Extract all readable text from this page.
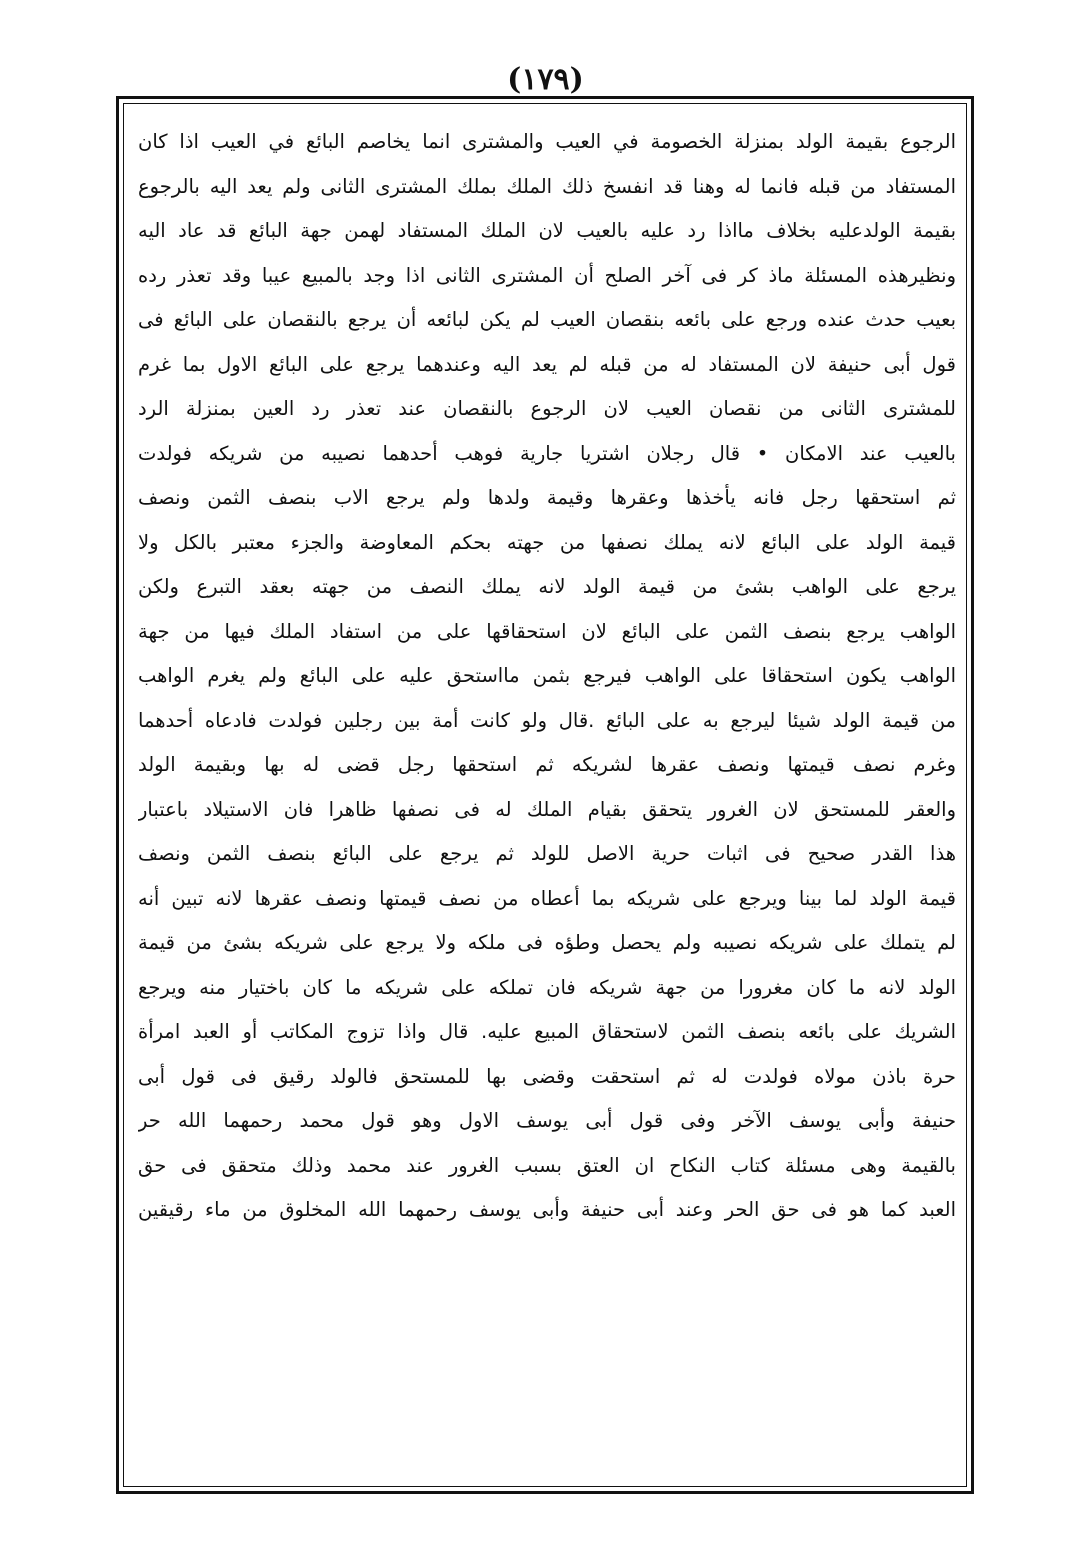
(١٧٩)
الرجوع بقيمة الولد بمنزلة الخصومة في العيب والمشترى انما يخاصم البائع في العيب اذا كان
المستفاد من قبله فانما له وهنا قد انفسخ ذلك الملك بملك المشترى الثانى ولم يعد اليه بالرجوع
بقيمة الولدعليه بخلاف مااذا رد عليه بالعيب لان الملك المستفاد لهمن جهة البائع قد عاد اليه
ونظيرهذه المسئلة ماذ كر فى آخر الصلح أن المشترى الثانى اذا وجد بالمبيع عيبا وقد تعذر رده
بعيب حدث عنده ورجع على بائعه بنقصان العيب لم يكن لبائعه أن يرجع بالنقصان على البائع فى
قول أبى حنيفة لان المستفاد له من قبله لم يعد اليه وعندهما يرجع على البائع الاول بما غرم
للمشترى الثانى من نقصان العيب لان الرجوع بالنقصان عند تعذر رد العين بمنزلة الرد
بالعيب عند الامكان • قال رجلان اشتريا جارية فوهب أحدهما نصيبه من شريكه فولدت
ثم استحقها رجل فانه يأخذها وعقرها وقيمة ولدها ولم يرجع الاب بنصف الثمن ونصف
قيمة الولد على البائع لانه يملك نصفها من جهته بحكم المعاوضة والجزء معتبر بالكل ولا
يرجع على الواهب بشئ من قيمة الولد لانه يملك النصف من جهته بعقد التبرع ولكن
الواهب يرجع بنصف الثمن على البائع لان استحقاقها على من استفاد الملك فيها من جهة
الواهب يكون استحقاقا على الواهب فيرجع بثمن مااستحق عليه على البائع ولم يغرم الواهب
من قيمة الولد شيئا ليرجع به على البائع .قال ولو كانت أمة بين رجلين فولدت فادعاه أحدهما
وغرم نصف قيمتها ونصف عقرها لشريكه ثم استحقها رجل قضى له بها وبقيمة الولد
والعقر للمستحق لان الغرور يتحقق بقيام الملك له فى نصفها ظاهرا فان الاستيلاد باعتبار
هذا القدر صحيح فى اثبات حرية الاصل للولد ثم يرجع على البائع بنصف الثمن ونصف
قيمة الولد لما بينا ويرجع على شريكه بما أعطاه من نصف قيمتها ونصف عقرها لانه تبين أنه
لم يتملك على شريكه نصيبه ولم يحصل وطؤه فى ملكه ولا يرجع على شريكه بشئ من قيمة
الولد لانه ما كان مغرورا من جهة شريكه فان تملكه على شريكه ما كان باختيار منه ويرجع
الشريك على بائعه بنصف الثمن لاستحقاق المبيع عليه. قال واذا تزوج المكاتب أو العبد امرأة
حرة باذن مولاه فولدت له ثم استحقت وقضى بها للمستحق فالولد رقيق فى قول أبى
حنيفة وأبى يوسف الآخر وفى قول أبى يوسف الاول وهو قول محمد رحمهما الله حر
بالقيمة وهى مسئلة كتاب النكاح ان العتق بسبب الغرور عند محمد وذلك متحقق فى حق
العبد كما هو فى حق الحر وعند أبى حنيفة وأبى يوسف رحمهما الله المخلوق من ماء رقيقين
